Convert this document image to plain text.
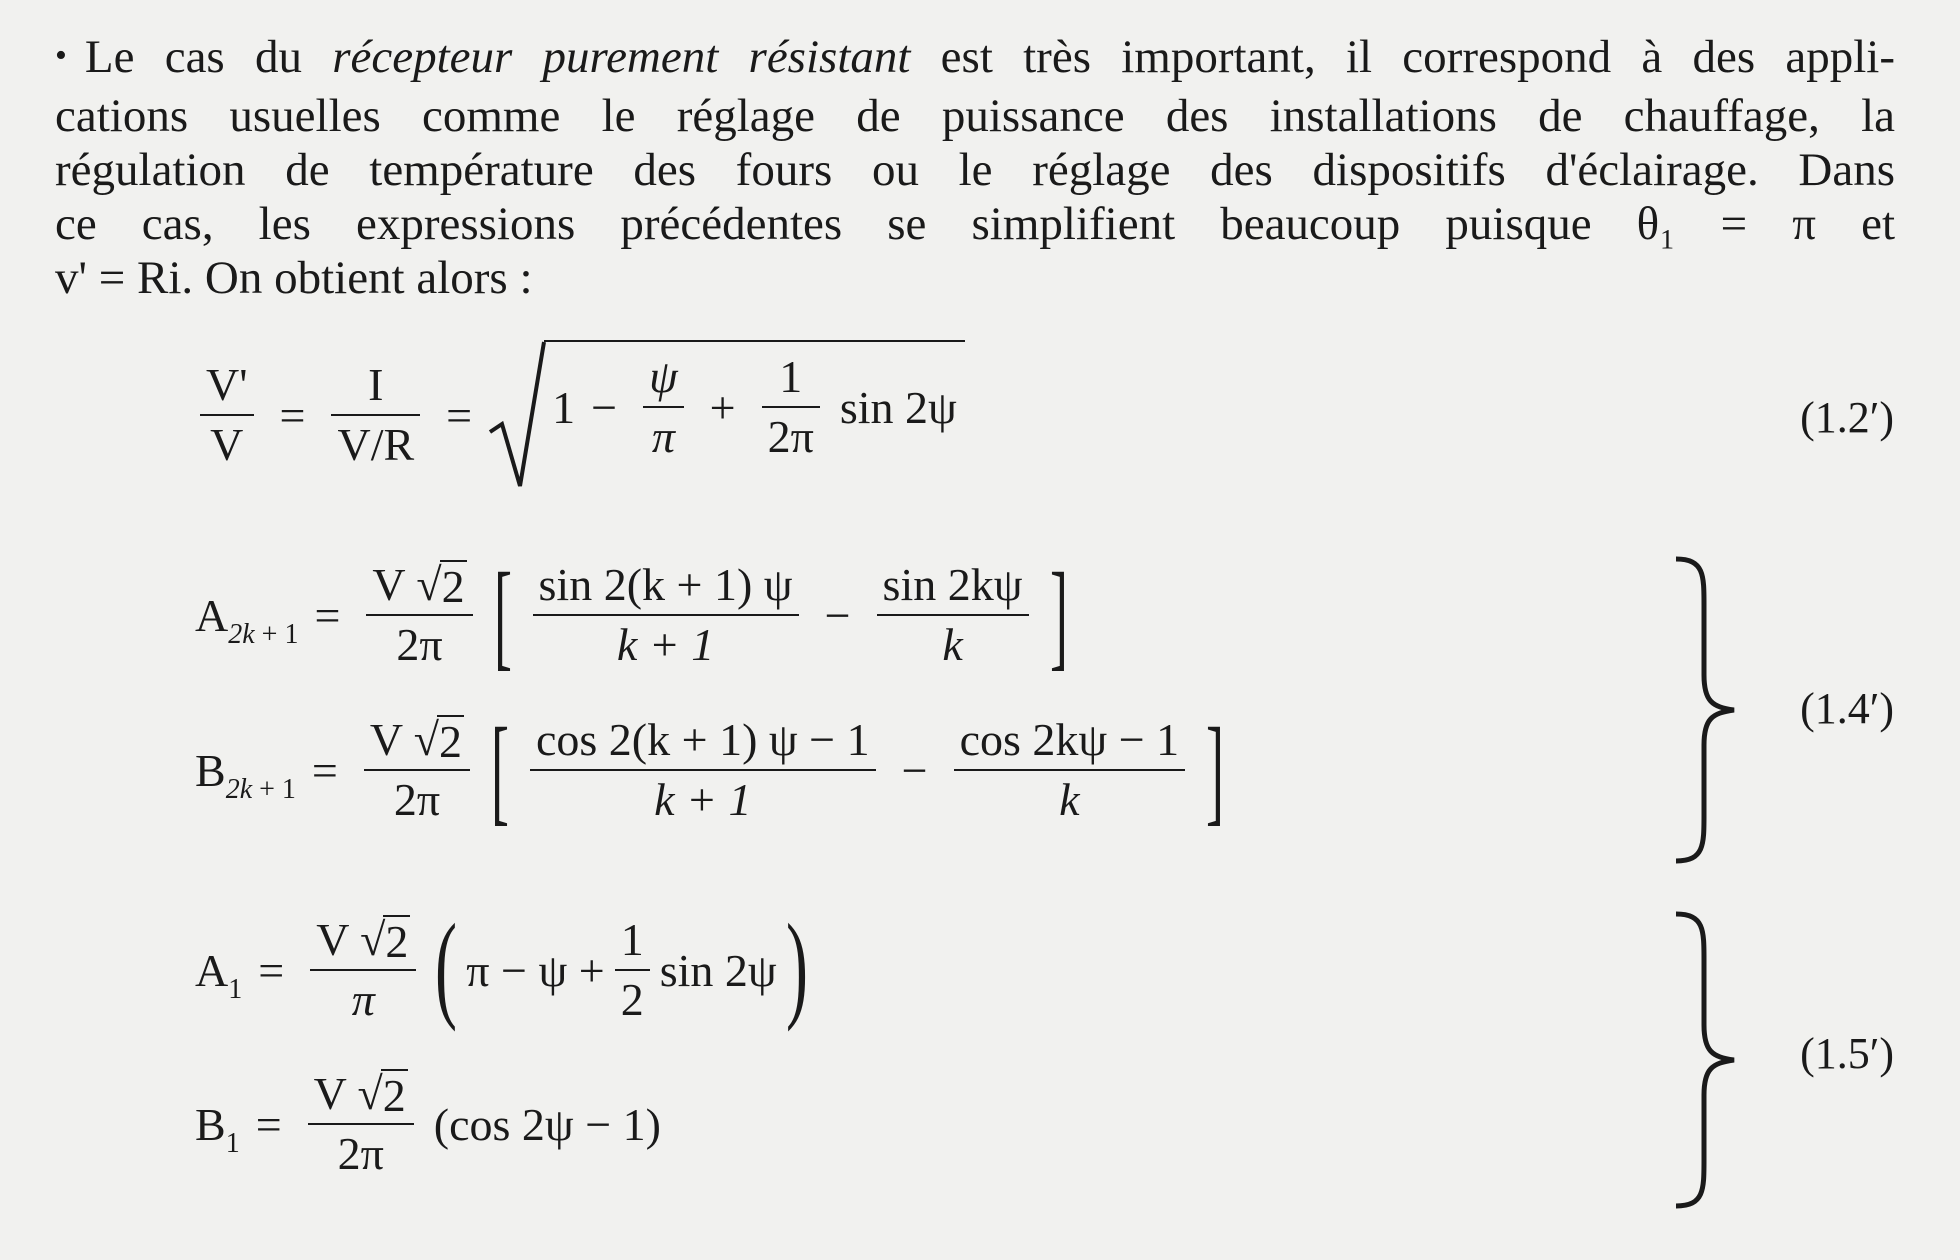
• Le cas du récepteur purement résistant est très important, il correspond à des appli-
cations usuelles comme le réglage de puissance des installations de chauffage, la
régulation de température des fours ou le réglage des dispositifs d'éclairage. Dans
ce cas, les expressions précédentes se simplifient beaucoup puisque θ₁ = π et
v' = Ri. On obtient alors :
$\frac{V'}{V} = \frac{I}{V/R} = 1 - \frac{\psi}{\pi} + \frac{1}{2\pi}$ sin 2ψ	(1.2′)
$A_{2k + 1} = \frac{V √ 2}{2\pi}$ [ $\frac{\sin 2(k + 1) \psi}{k + 1} - \frac{\sin 2k\psi}{k}$ ]
$B_{2k + 1} = \frac{V √ 2}{2\pi}$ [ $\frac{\cos 2(k + 1) \psi - 1}{k + 1} - \frac{\cos 2k\psi - 1}{k}$ ]	(1.4′)
$A_1 = \frac{V √ 2}{\pi}$ ( $\pi - \psi + \frac{1}{2}$ sin 2ψ )
$B_1 = \frac{V √ 2}{2\pi} (\cos$ 2ψ − 1)
(1.5′)
